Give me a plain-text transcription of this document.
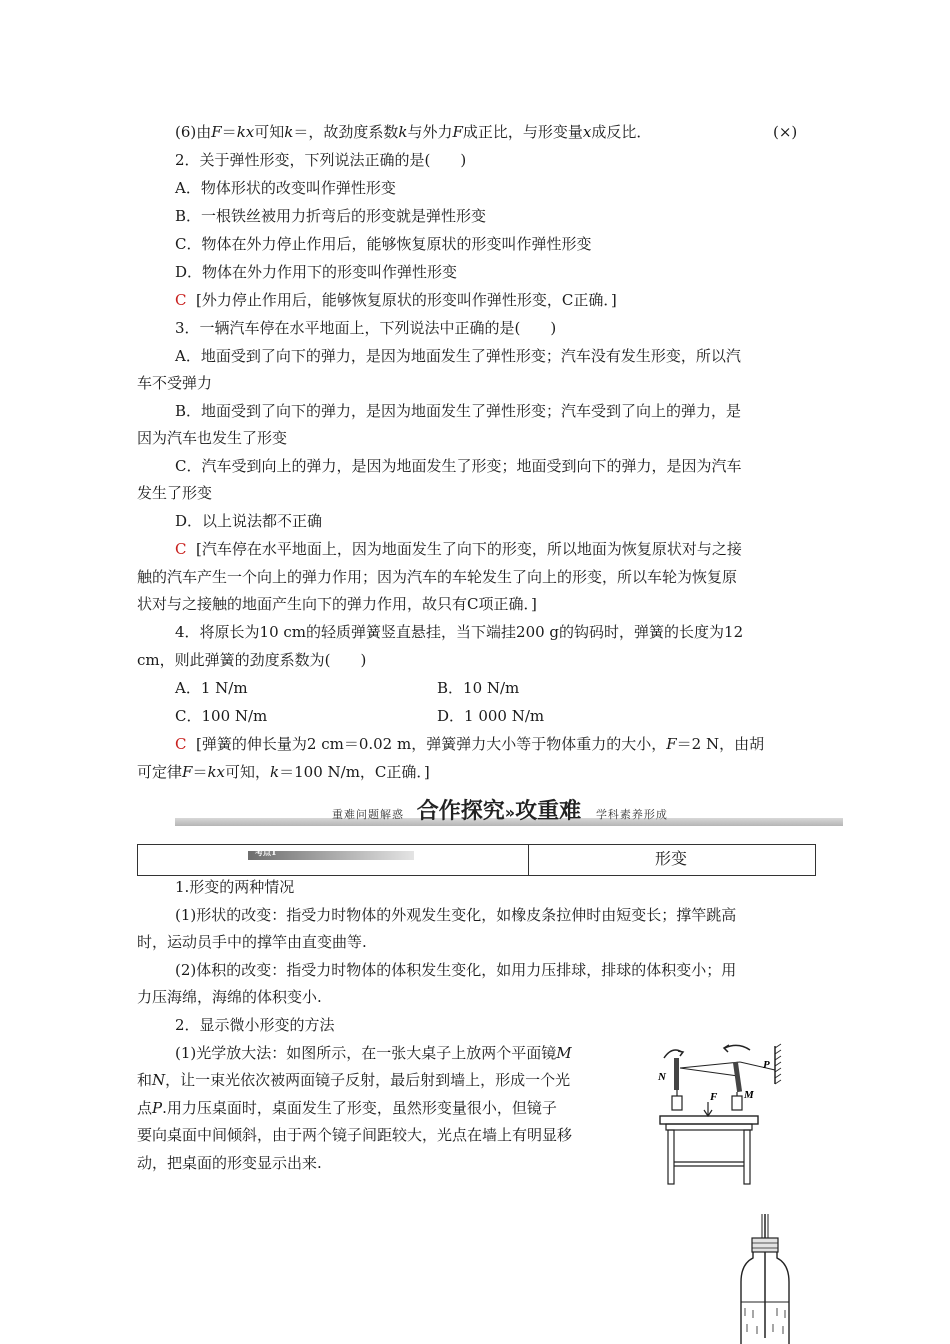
(6)由F＝kx可知k＝，故劲度系数k与外力F成正比，与形变量x成反比．	(×)
2．关于弹性形变，下列说法正确的是(　　)
A．物体形状的改变叫作弹性形变
B．一根铁丝被用力折弯后的形变就是弹性形变
C．物体在外力停止作用后，能够恢复原状的形变叫作弹性形变
D．物体在外力作用下的形变叫作弹性形变
C [外力停止作用后，能够恢复原状的形变叫作弹性形变，C正确．]
3．一辆汽车停在水平地面上，下列说法中正确的是(　　)
A．地面受到了向下的弹力，是因为地面发生了弹性形变；汽车没有发生形变，所以汽
车不受弹力
B．地面受到了向下的弹力，是因为地面发生了弹性形变；汽车受到了向上的弹力，是
因为汽车也发生了形变
C．汽车受到向上的弹力，是因为地面发生了形变；地面受到向下的弹力，是因为汽车
发生了形变
D．以上说法都不正确
C [汽车停在水平地面上，因为地面发生了向下的形变，所以地面为恢复原状对与之接
触的汽车产生一个向上的弹力作用；因为汽车的车轮发生了向上的形变，所以车轮为恢复原
状对与之接触的地面产生向下的弹力作用，故只有C项正确．]
4．将原长为10 cm的轻质弹簧竖直悬挂，当下端挂200 g的钩码时，弹簧的长度为12
cm，则此弹簧的劲度系数为(　　)
A．1 N/m	B．10 N/m
C．100 N/m	D．1 000 N/m
C [弹簧的伸长量为2 cm＝0.02 m，弹簧弹力大小等于物体重力的大小，F＝2 N，由胡
可定律F＝kx可知，k＝100 N/m，C正确．]
重难问题解惑 合作探究»攻重难 学科素养形成
考点1	形变
1.形变的两种情况
(1)形状的改变：指受力时物体的外观发生变化，如橡皮条拉伸时由短变长；撑竿跳高
时，运动员手中的撑竿由直变曲等.
(2)体积的改变：指受力时物体的体积发生变化，如用力压排球，排球的体积变小；用
力压海绵，海绵的体积变小.
2．显示微小形变的方法
(1)光学放大法：如图所示，在一张大桌子上放两个平面镜M
和N，让一束光依次被两面镜子反射，最后射到墙上，形成一个光
点P.用力压桌面时，桌面发生了形变，虽然形变量很小，但镜子
要向桌面中间倾斜，由于两个镜子间距较大，光点在墙上有明显移
动，把桌面的形变显示出来.
N
M
P
F
